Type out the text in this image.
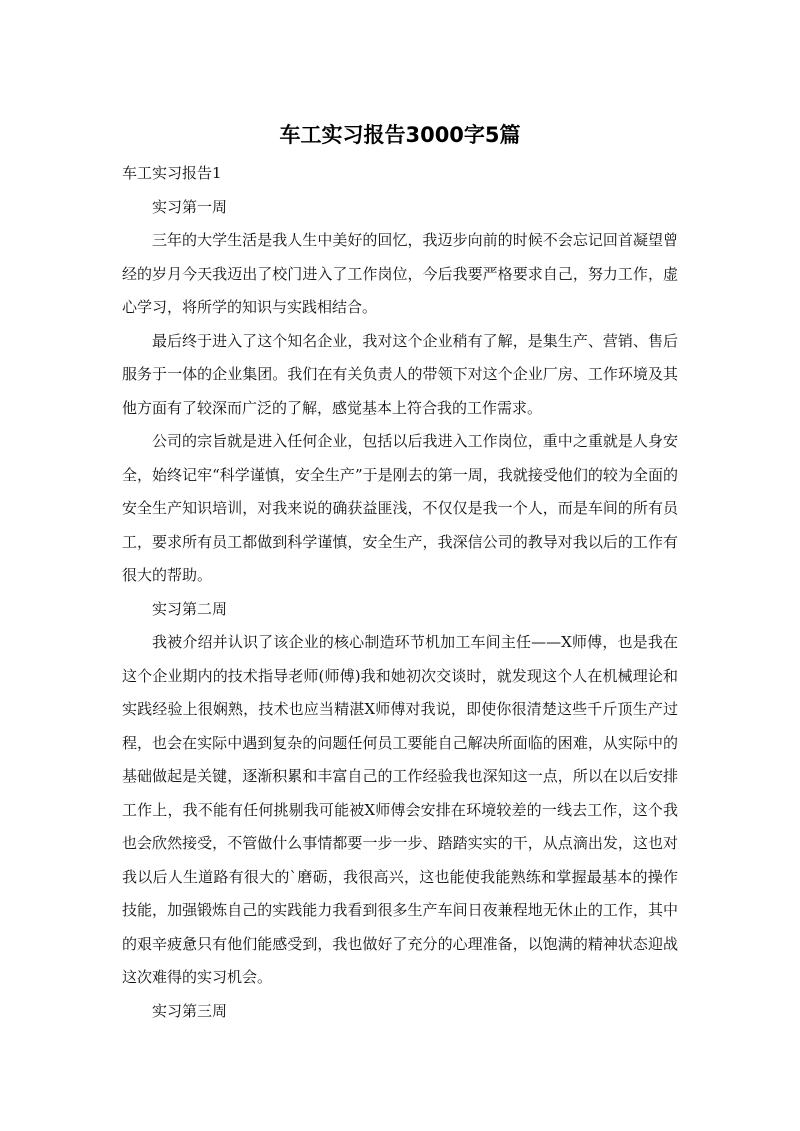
车工实习报告3000字5篇

车工实习报告1

实习第一周

三年的大学生活是我人生中美好的回忆，我迈步向前的时候不会忘记回首凝望曾经的岁月今天我迈出了校门进入了工作岗位，今后我要严格要求自己，努力工作，虚心学习，将所学的知识与实践相结合。

最后终于进入了这个知名企业，我对这个企业稍有了解，是集生产、营销、售后服务于一体的企业集团。我们在有关负责人的带领下对这个企业厂房、工作环境及其他方面有了较深而广泛的了解，感觉基本上符合我的工作需求。

公司的宗旨就是进入任何企业，包括以后我进入工作岗位，重中之重就是人身安全，始终记牢“科学谨慎，安全生产”于是刚去的第一周，我就接受他们的较为全面的安全生产知识培训，对我来说的确获益匪浅，不仅仅是我一个人，而是车间的所有员工，要求所有员工都做到科学谨慎，安全生产，我深信公司的教导对我以后的工作有很大的帮助。

实习第二周

我被介绍并认识了该企业的核心制造环节机加工车间主任——X师傅，也是我在这个企业期内的技术指导老师(师傅)我和她初次交谈时，就发现这个人在机械理论和实践经验上很娴熟，技术也应当精湛X师傅对我说，即使你很清楚这些千斤顶生产过程，也会在实际中遇到复杂的问题任何员工要能自己解决所面临的困难，从实际中的基础做起是关键，逐渐积累和丰富自己的工作经验我也深知这一点，所以在以后安排工作上，我不能有任何挑剔我可能被X师傅会安排在环境较差的一线去工作，这个我也会欣然接受，不管做什么事情都要一步一步、踏踏实实的干，从点滴出发，这也对我以后人生道路有很大的`磨砺，我很高兴，这也能使我能熟练和掌握最基本的操作技能，加强锻炼自己的实践能力我看到很多生产车间日夜兼程地无休止的工作，其中的艰辛疲惫只有他们能感受到，我也做好了充分的心理准备，以饱满的精神状态迎战这次难得的实习机会。

实习第三周
